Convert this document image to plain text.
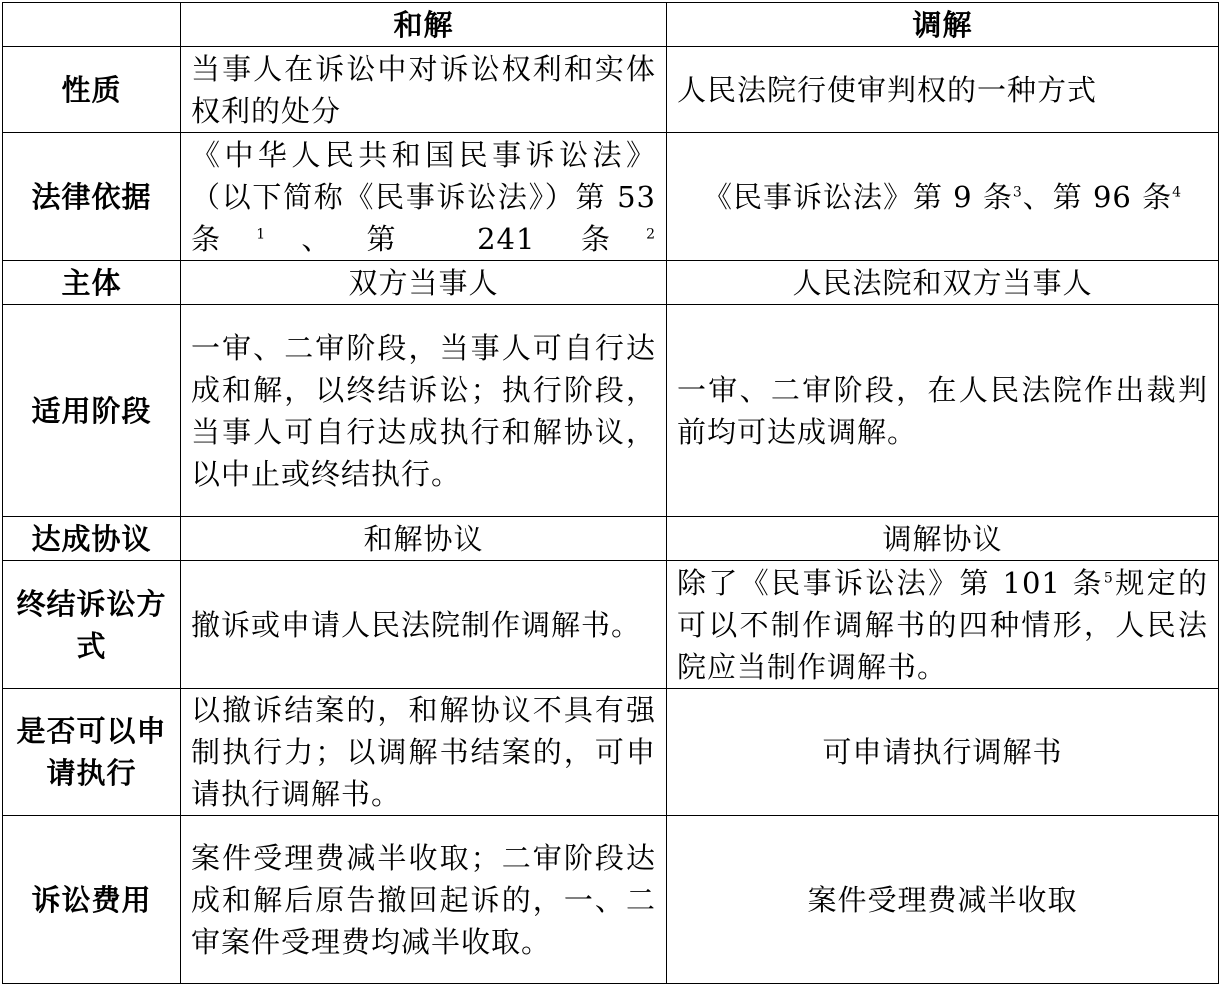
	和解	调解
性质	当事人在诉讼中对诉讼权利和实体权利的处分	人民法院行使审判权的一种方式
法律依据	《中华人民共和国民事诉讼法》（以下简称《民事诉讼法》）第 53 条$^1$、第 241 条$^2$	《民事诉讼法》第 9 条$^3$、第 96 条$^4$
主体	双方当事人	人民法院和双方当事人
适用阶段	一审、二审阶段，当事人可自行达成和解，以终结诉讼；执行阶段，当事人可自行达成执行和解协议，以中止或终结执行。	一审、二审阶段，在人民法院作出裁判前均可达成调解。
达成协议	和解协议	调解协议
终结诉讼方式	撤诉或申请人民法院制作调解书。	除了《民事诉讼法》第 101 条$^5$规定的可以不制作调解书的四种情形，人民法院应当制作调解书。
是否可以申请执行	以撤诉结案的，和解协议不具有强制执行力；以调解书结案的，可申请执行调解书。	可申请执行调解书
诉讼费用	案件受理费减半收取；二审阶段达成和解后原告撤回起诉的，一、二审案件受理费均减半收取。	案件受理费减半收取
